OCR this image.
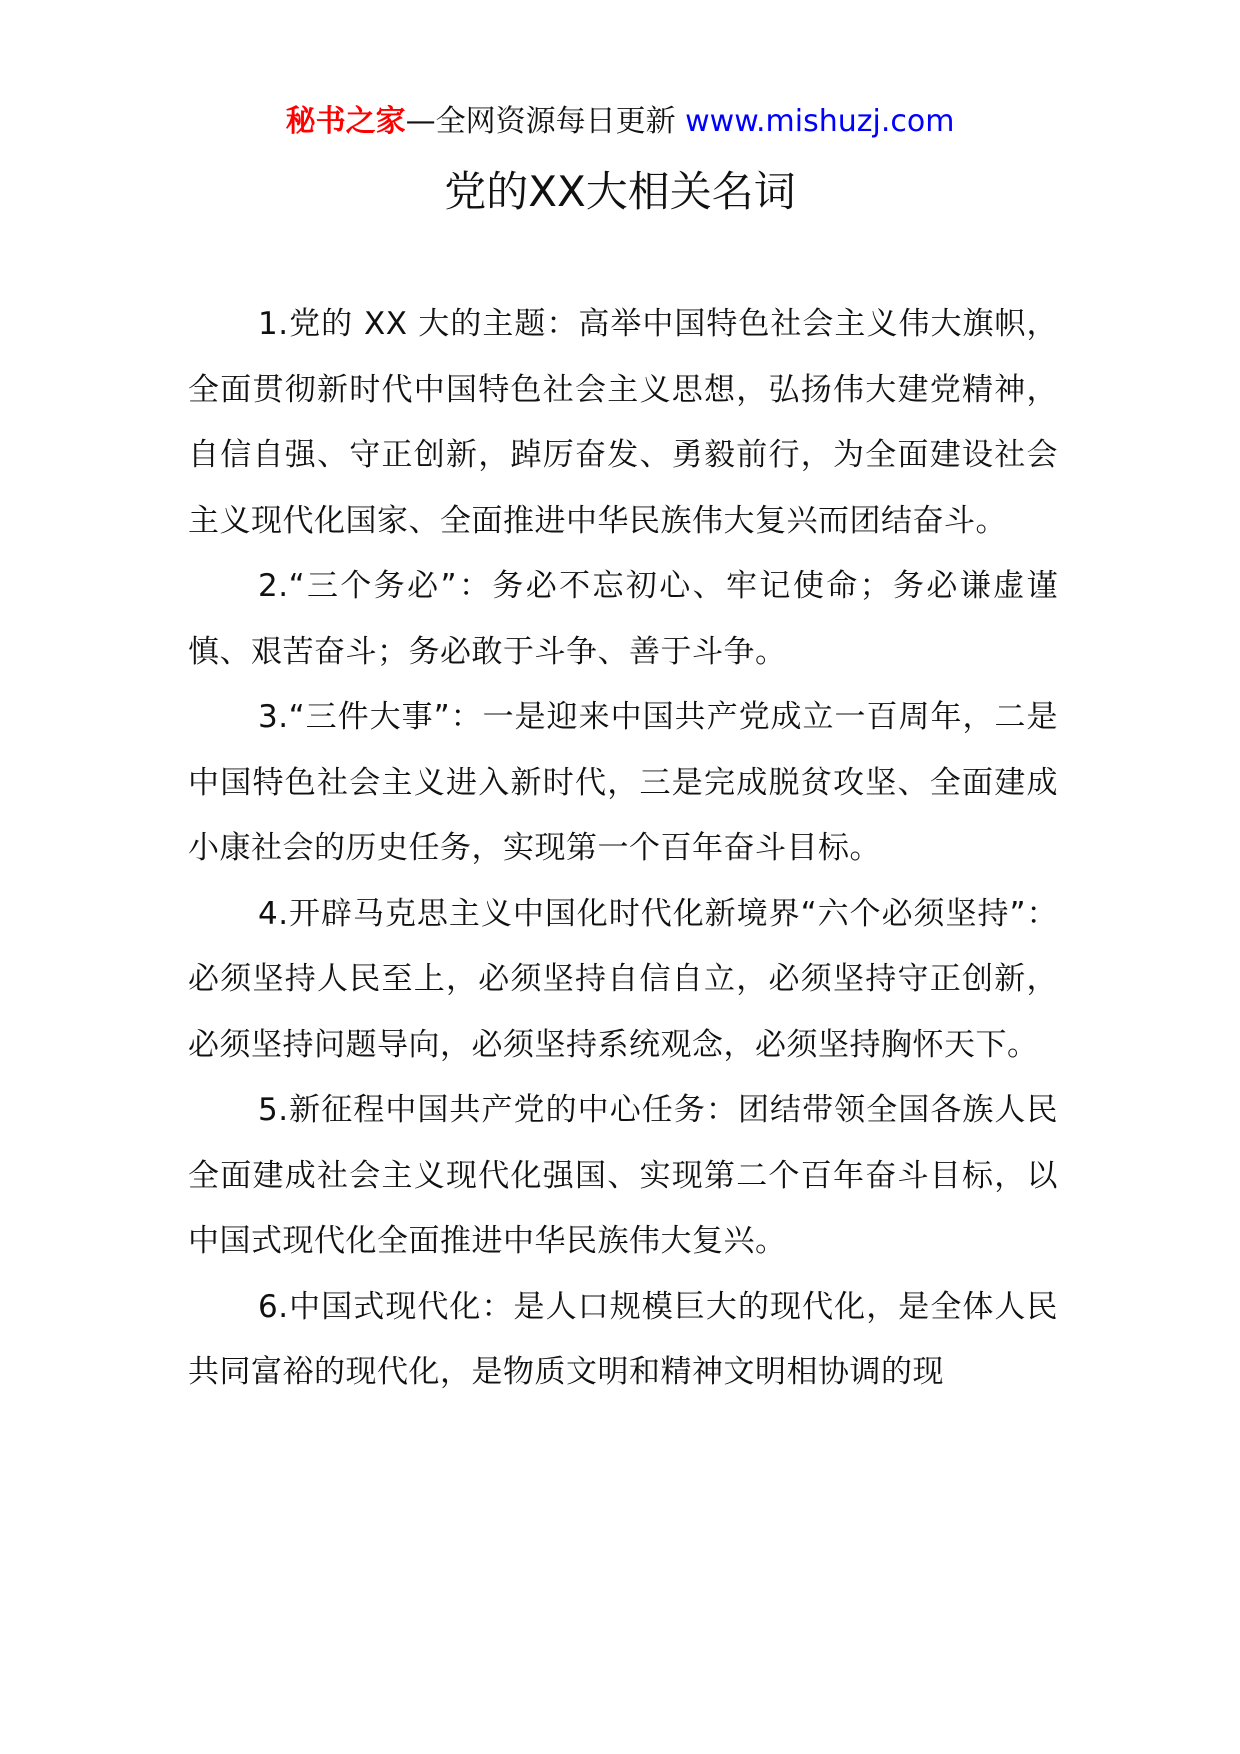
秘书之家—全网资源每日更新 www.mishuzj.com
党的XX大相关名词

1.党的 XX 大的主题：高举中国特色社会主义伟大旗帜，全面贯彻新时代中国特色社会主义思想，弘扬伟大建党精神，自信自强、守正创新，踔厉奋发、勇毅前行，为全面建设社会主义现代化国家、全面推进中华民族伟大复兴而团结奋斗。

2.“三个务必”：务必不忘初心、牢记使命；务必谦虚谨慎、艰苦奋斗；务必敢于斗争、善于斗争。

3.“三件大事”：一是迎来中国共产党成立一百周年，二是中国特色社会主义进入新时代，三是完成脱贫攻坚、全面建成小康社会的历史任务，实现第一个百年奋斗目标。

4.开辟马克思主义中国化时代化新境界“六个必须坚持”：必须坚持人民至上，必须坚持自信自立，必须坚持守正创新，必须坚持问题导向，必须坚持系统观念，必须坚持胸怀天下。

5.新征程中国共产党的中心任务：团结带领全国各族人民全面建成社会主义现代化强国、实现第二个百年奋斗目标，以中国式现代化全面推进中华民族伟大复兴。

6.中国式现代化：是人口规模巨大的现代化，是全体人民共同富裕的现代化，是物质文明和精神文明相协调的现
